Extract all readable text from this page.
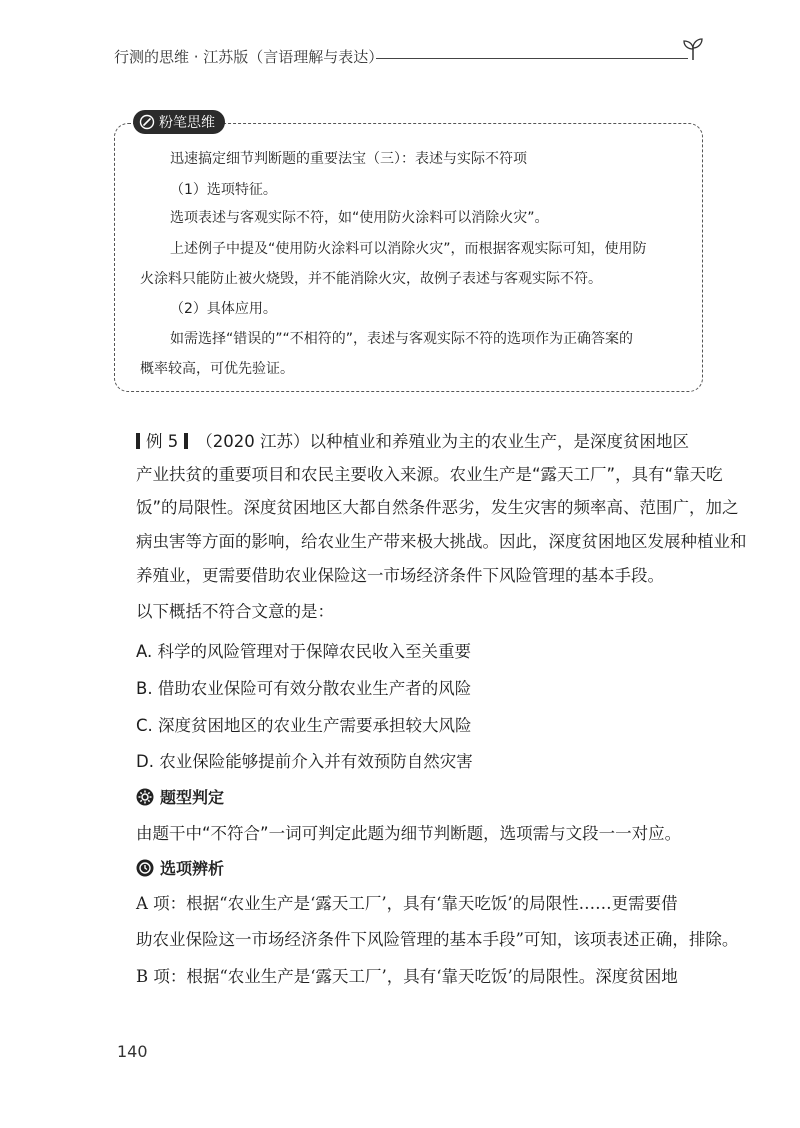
行测的思维 · 江苏版（言语理解与表达）
粉笔思维
迅速搞定细节判断题的重要法宝（三）：表述与实际不符项
（1）选项特征。
选项表述与客观实际不符，如“使用防火涂料可以消除火灾”。
上述例子中提及“使用防火涂料可以消除火灾”，而根据客观实际可知，使用防
火涂料只能防止被火烧毁，并不能消除火灾，故例子表述与客观实际不符。
（2）具体应用。
如需选择“错误的”“不相符的”，表述与客观实际不符的选项作为正确答案的
概率较高，可优先验证。
例 5 （2020 江苏）以种植业和养殖业为主的农业生产，是深度贫困地区
产业扶贫的重要项目和农民主要收入来源。农业生产是“露天工厂”，具有“靠天吃
饭”的局限性。深度贫困地区大都自然条件恶劣，发生灾害的频率高、范围广，加之
病虫害等方面的影响，给农业生产带来极大挑战。因此，深度贫困地区发展种植业和
养殖业，更需要借助农业保险这一市场经济条件下风险管理的基本手段。
以下概括不符合文意的是：
A. 科学的风险管理对于保障农民收入至关重要
B. 借助农业保险可有效分散农业生产者的风险
C. 深度贫困地区的农业生产需要承担较大风险
D. 农业保险能够提前介入并有效预防自然灾害
题型判定
由题干中“不符合”一词可判定此题为细节判断题，选项需与文段一一对应。
选项辨析
A 项：根据“农业生产是‘露天工厂’，具有‘靠天吃饭’的局限性……更需要借
助农业保险这一市场经济条件下风险管理的基本手段”可知，该项表述正确，排除。
B 项：根据“农业生产是‘露天工厂’，具有‘靠天吃饭’的局限性。深度贫困地
140
